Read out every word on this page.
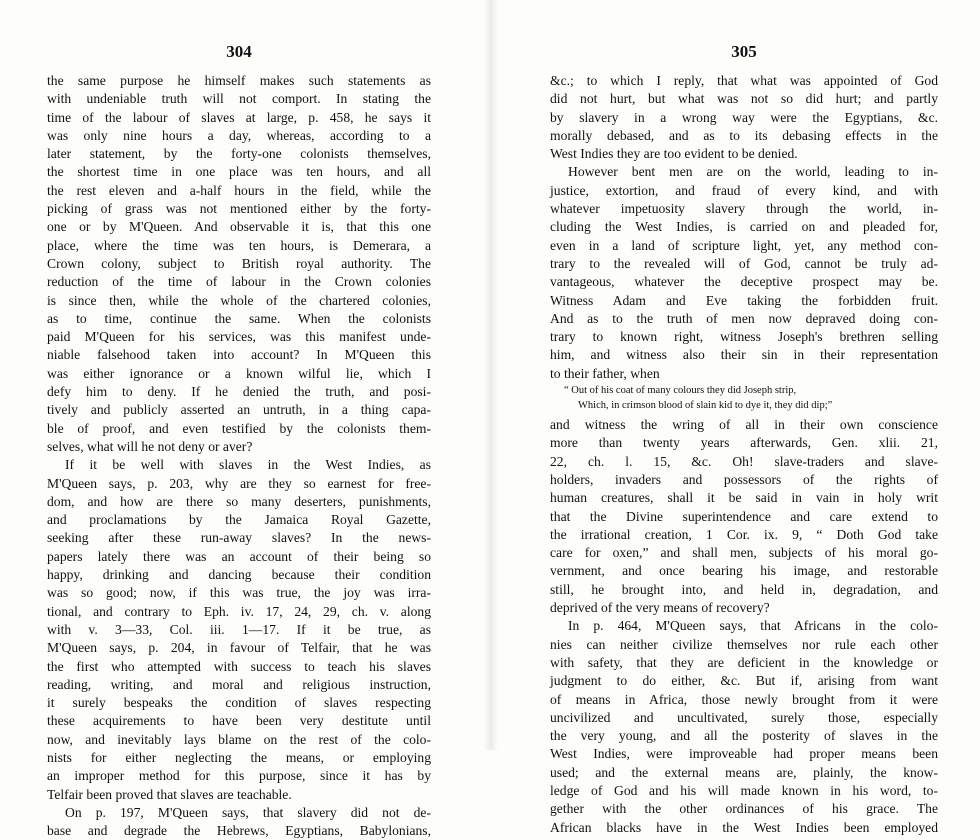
304
the same purpose he himself makes such statements as
with undeniable truth will not comport. In stating the
time of the labour of slaves at large, p. 458, he says it
was only nine hours a day, whereas, according to a
later statement, by the forty-one colonists themselves,
the shortest time in one place was ten hours, and all
the rest eleven and a-half hours in the field, while the
picking of grass was not mentioned either by the forty-
one or by M'Queen. And observable it is, that this one
place, where the time was ten hours, is Demerara, a
Crown colony, subject to British royal authority. The
reduction of the time of labour in the Crown colonies
is since then, while the whole of the chartered colonies,
as to time, continue the same. When the colonists
paid M'Queen for his services, was this manifest unde-
niable falsehood taken into account? In M'Queen this
was either ignorance or a known wilful lie, which I
defy him to deny. If he denied the truth, and posi-
tively and publicly asserted an untruth, in a thing capa-
ble of proof, and even testified by the colonists them-
selves, what will he not deny or aver?
If it be well with slaves in the West Indies, as
M'Queen says, p. 203, why are they so earnest for free-
dom, and how are there so many deserters, punishments,
and proclamations by the Jamaica Royal Gazette,
seeking after these run-away slaves? In the news-
papers lately there was an account of their being so
happy, drinking and dancing because their condition
was so good; now, if this was true, the joy was irra-
tional, and contrary to Eph. iv. 17, 24, 29, ch. v. along
with v. 3—33, Col. iii. 1—17. If it be true, as
M'Queen says, p. 204, in favour of Telfair, that he was
the first who attempted with success to teach his slaves
reading, writing, and moral and religious instruction,
it surely bespeaks the condition of slaves respecting
these acquirements to have been very destitute until
now, and inevitably lays blame on the rest of the colo-
nists for either neglecting the means, or employing
an improper method for this purpose, since it has by
Telfair been proved that slaves are teachable.
On p. 197, M'Queen says, that slavery did not de-
base and degrade the Hebrews, Egyptians, Babylonians,
305
&c.; to which I reply, that what was appointed of God
did not hurt, but what was not so did hurt; and partly
by slavery in a wrong way were the Egyptians, &c.
morally debased, and as to its debasing effects in the
West Indies they are too evident to be denied.
However bent men are on the world, leading to in-
justice, extortion, and fraud of every kind, and with
whatever impetuosity slavery through the world, in-
cluding the West Indies, is carried on and pleaded for,
even in a land of scripture light, yet, any method con-
trary to the revealed will of God, cannot be truly ad-
vantageous, whatever the deceptive prospect may be.
Witness Adam and Eve taking the forbidden fruit.
And as to the truth of men now depraved doing con-
trary to known right, witness Joseph's brethren selling
him, and witness also their sin in their representation
to their father, when
“ Out of his coat of many colours they did Joseph strip,
Which, in crimson blood of slain kid to dye it, they did dip;”
and witness the wring of all in their own conscience
more than twenty years afterwards, Gen. xlii. 21,
22, ch. l. 15, &c. Oh! slave-traders and slave-
holders, invaders and possessors of the rights of
human creatures, shall it be said in vain in holy writ
that the Divine superintendence and care extend to
the irrational creation, 1 Cor. ix. 9, “ Doth God take
care for oxen,” and shall men, subjects of his moral go-
vernment, and once bearing his image, and restorable
still, he brought into, and held in, degradation, and
deprived of the very means of recovery?
In p. 464, M'Queen says, that Africans in the colo-
nies can neither civilize themselves nor rule each other
with safety, that they are deficient in the knowledge or
judgment to do either, &c. But if, arising from want
of means in Africa, those newly brought from it were
uncivilized and uncultivated, surely those, especially
the very young, and all the posterity of slaves in the
West Indies, were improveable had proper means been
used; and the external means are, plainly, the know-
ledge of God and his will made known in his word, to-
gether with the other ordinances of his grace. The
African blacks have in the West Indies been employed
